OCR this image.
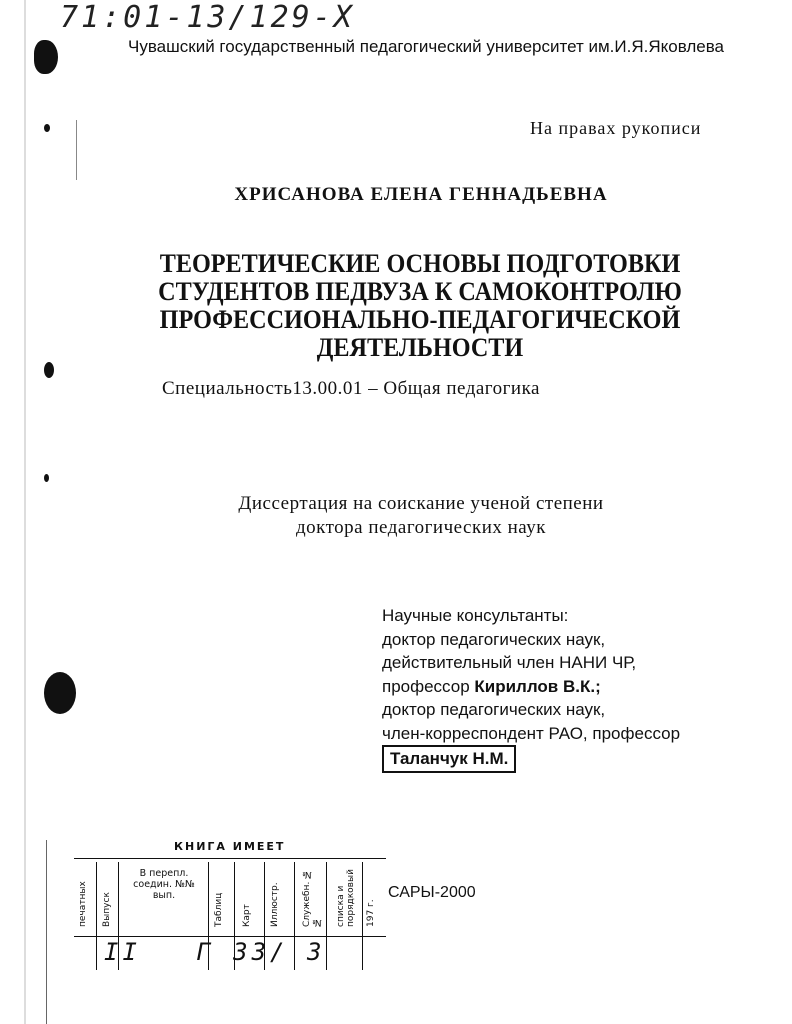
71:01-13/129-X
Чувашский государственный педагогический университет им.И.Я.Яковлева
На правах рукописи
ХРИСАНОВА ЕЛЕНА ГЕННАДЬЕВНА
ТЕОРЕТИЧЕСКИЕ ОСНОВЫ ПОДГОТОВКИ
СТУДЕНТОВ ПЕДВУЗА К САМОКОНТРОЛЮ
ПРОФЕССИОНАЛЬНО-ПЕДАГОГИЧЕСКОЙ
ДЕЯТЕЛЬНОСТИ
Специальность13.00.01 – Общая педагогика
Диссертация на соискание ученой степени
доктора педагогических наук
Научные консультанты:
доктор педагогических наук,
действительный член НАНИ ЧР,
профессор Кириллов В.К.;
доктор педагогических наук,
член-корреспондент РАО, профессор
Таланчук Н.М.
САРЫ-2000
КНИГА ИМЕЕТ
печатных Выпуск
В перепл. соедин. №№ вып.	Таблиц Карт Иллюстр. Служебн. №№ списка и порядковый 197 г.
ІІ   Г 3З/ З
